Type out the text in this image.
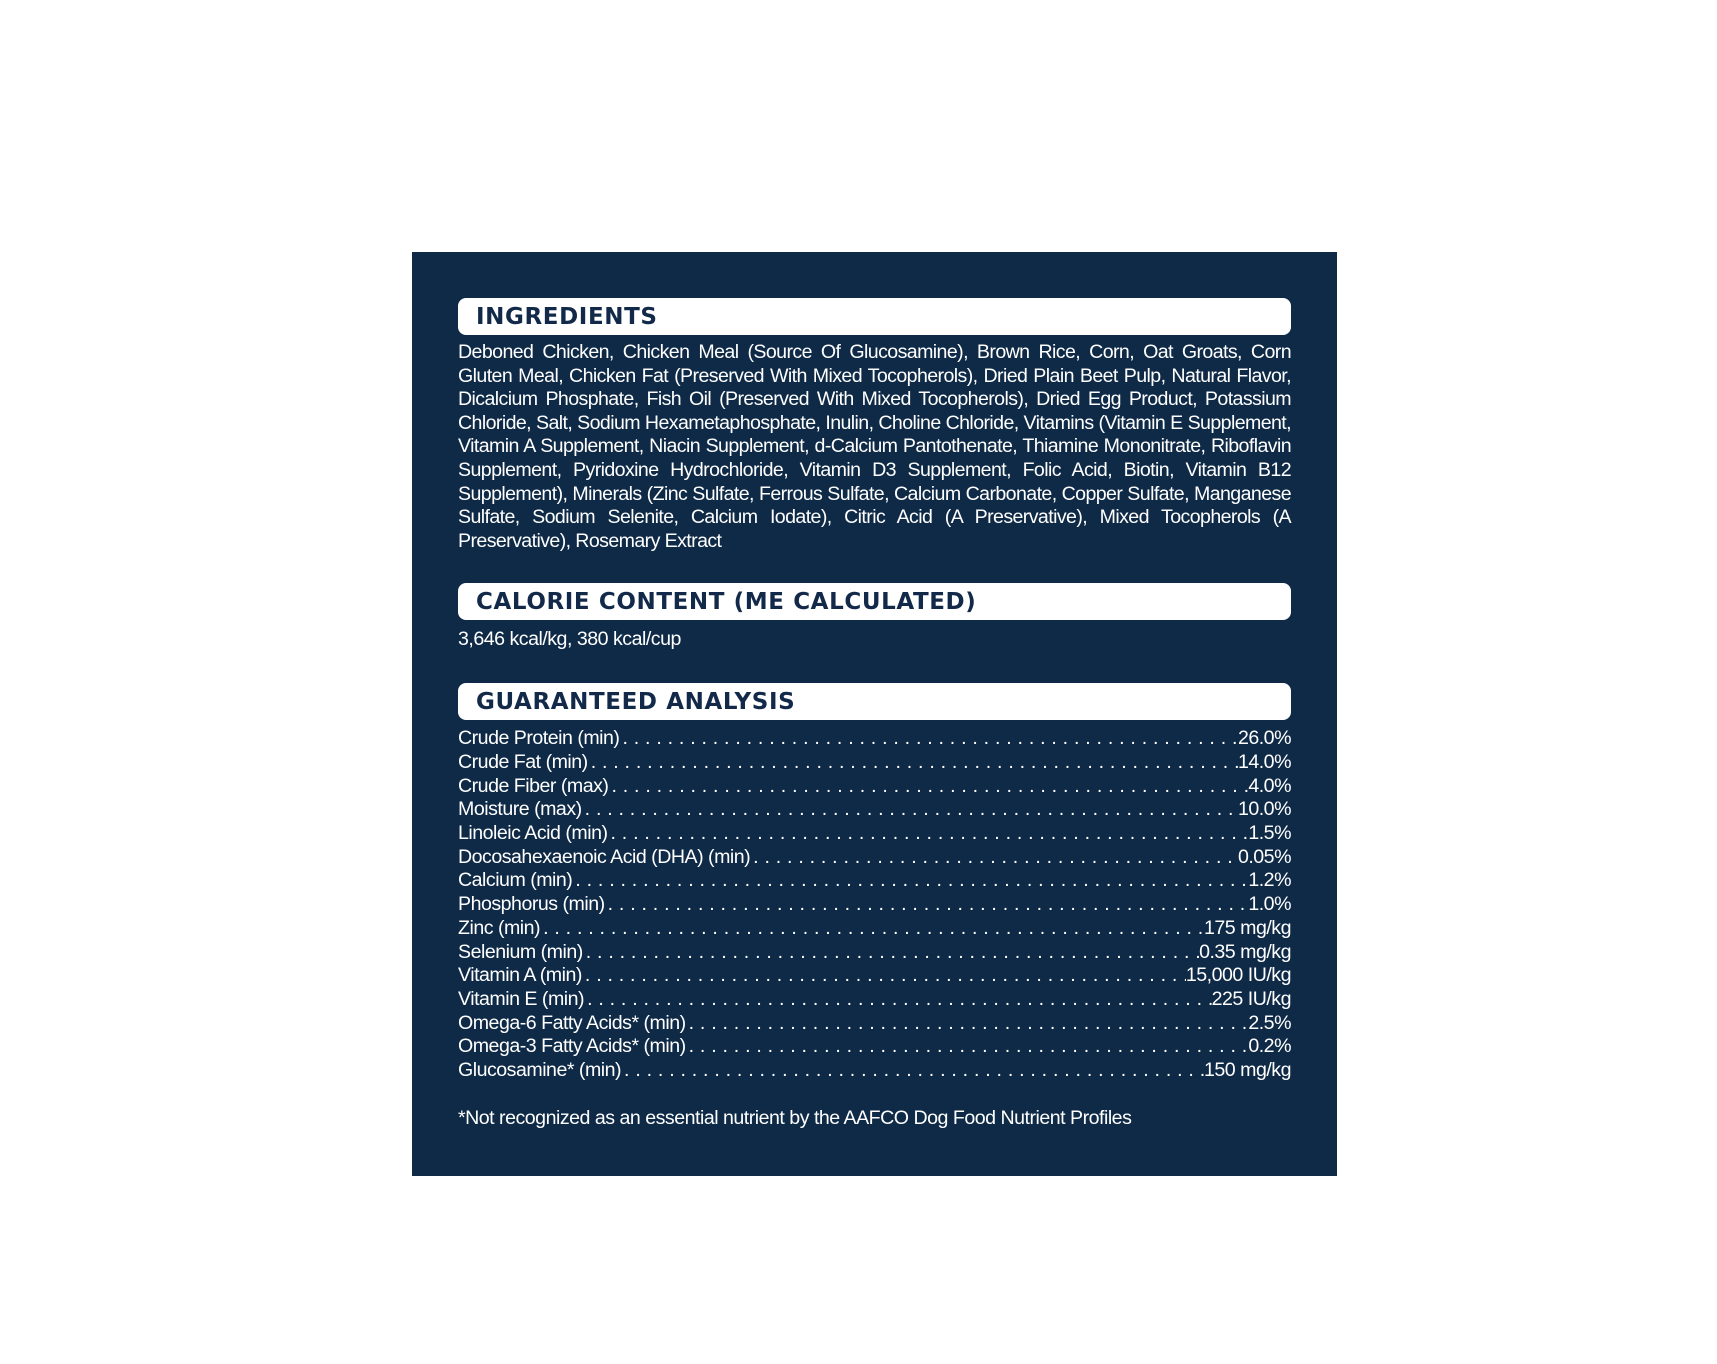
INGREDIENTS
Deboned Chicken, Chicken Meal (Source Of Glucosamine), Brown Rice, Corn, Oat Groats, Corn Gluten Meal, Chicken Fat (Preserved With Mixed Tocopherols), Dried Plain Beet Pulp, Natural Flavor, Dicalcium Phosphate, Fish Oil (Preserved With Mixed Tocopherols), Dried Egg Product, Potassium Chloride, Salt, Sodium Hexametaphosphate, Inulin, Choline Chloride, Vitamins (Vitamin E Supplement, Vitamin A Supplement, Niacin Supplement, d-Calcium Pantothenate, Thiamine Mononitrate, Riboflavin Supplement, Pyridoxine Hydrochloride, Vitamin D3 Supplement, Folic Acid, Biotin, Vitamin B12 Supplement), Minerals (Zinc Sulfate, Ferrous Sulfate, Calcium Carbonate, Copper Sulfate, Manganese Sulfate, Sodium Selenite, Calcium Iodate), Citric Acid (A Preservative), Mixed Tocopherols (A Preservative), Rosemary Extract
CALORIE CONTENT (ME CALCULATED)
3,646 kcal/kg, 380 kcal/cup
GUARANTEED ANALYSIS
Crude Protein (min) . . .	26.0%
Crude Fat (min) . . .	14.0%
Crude Fiber (max) . . .	4.0%
Moisture (max) . . .	10.0%
Linoleic Acid (min) . . .	1.5%
Docosahexaenoic Acid (DHA) (min) . . .	0.05%
Calcium (min) . . .	1.2%
Phosphorus (min) . . .	1.0%
Zinc (min) . . .	175 mg/kg
Selenium (min) . . .	0.35 mg/kg
Vitamin A (min) . . .	15,000 IU/kg
Vitamin E (min) . . .	225 IU/kg
Omega-6 Fatty Acids* (min) . . .	2.5%
Omega-3 Fatty Acids* (min) . . .	0.2%
Glucosamine* (min) . . .	150 mg/kg
*Not recognized as an essential nutrient by the AAFCO Dog Food Nutrient Profiles
